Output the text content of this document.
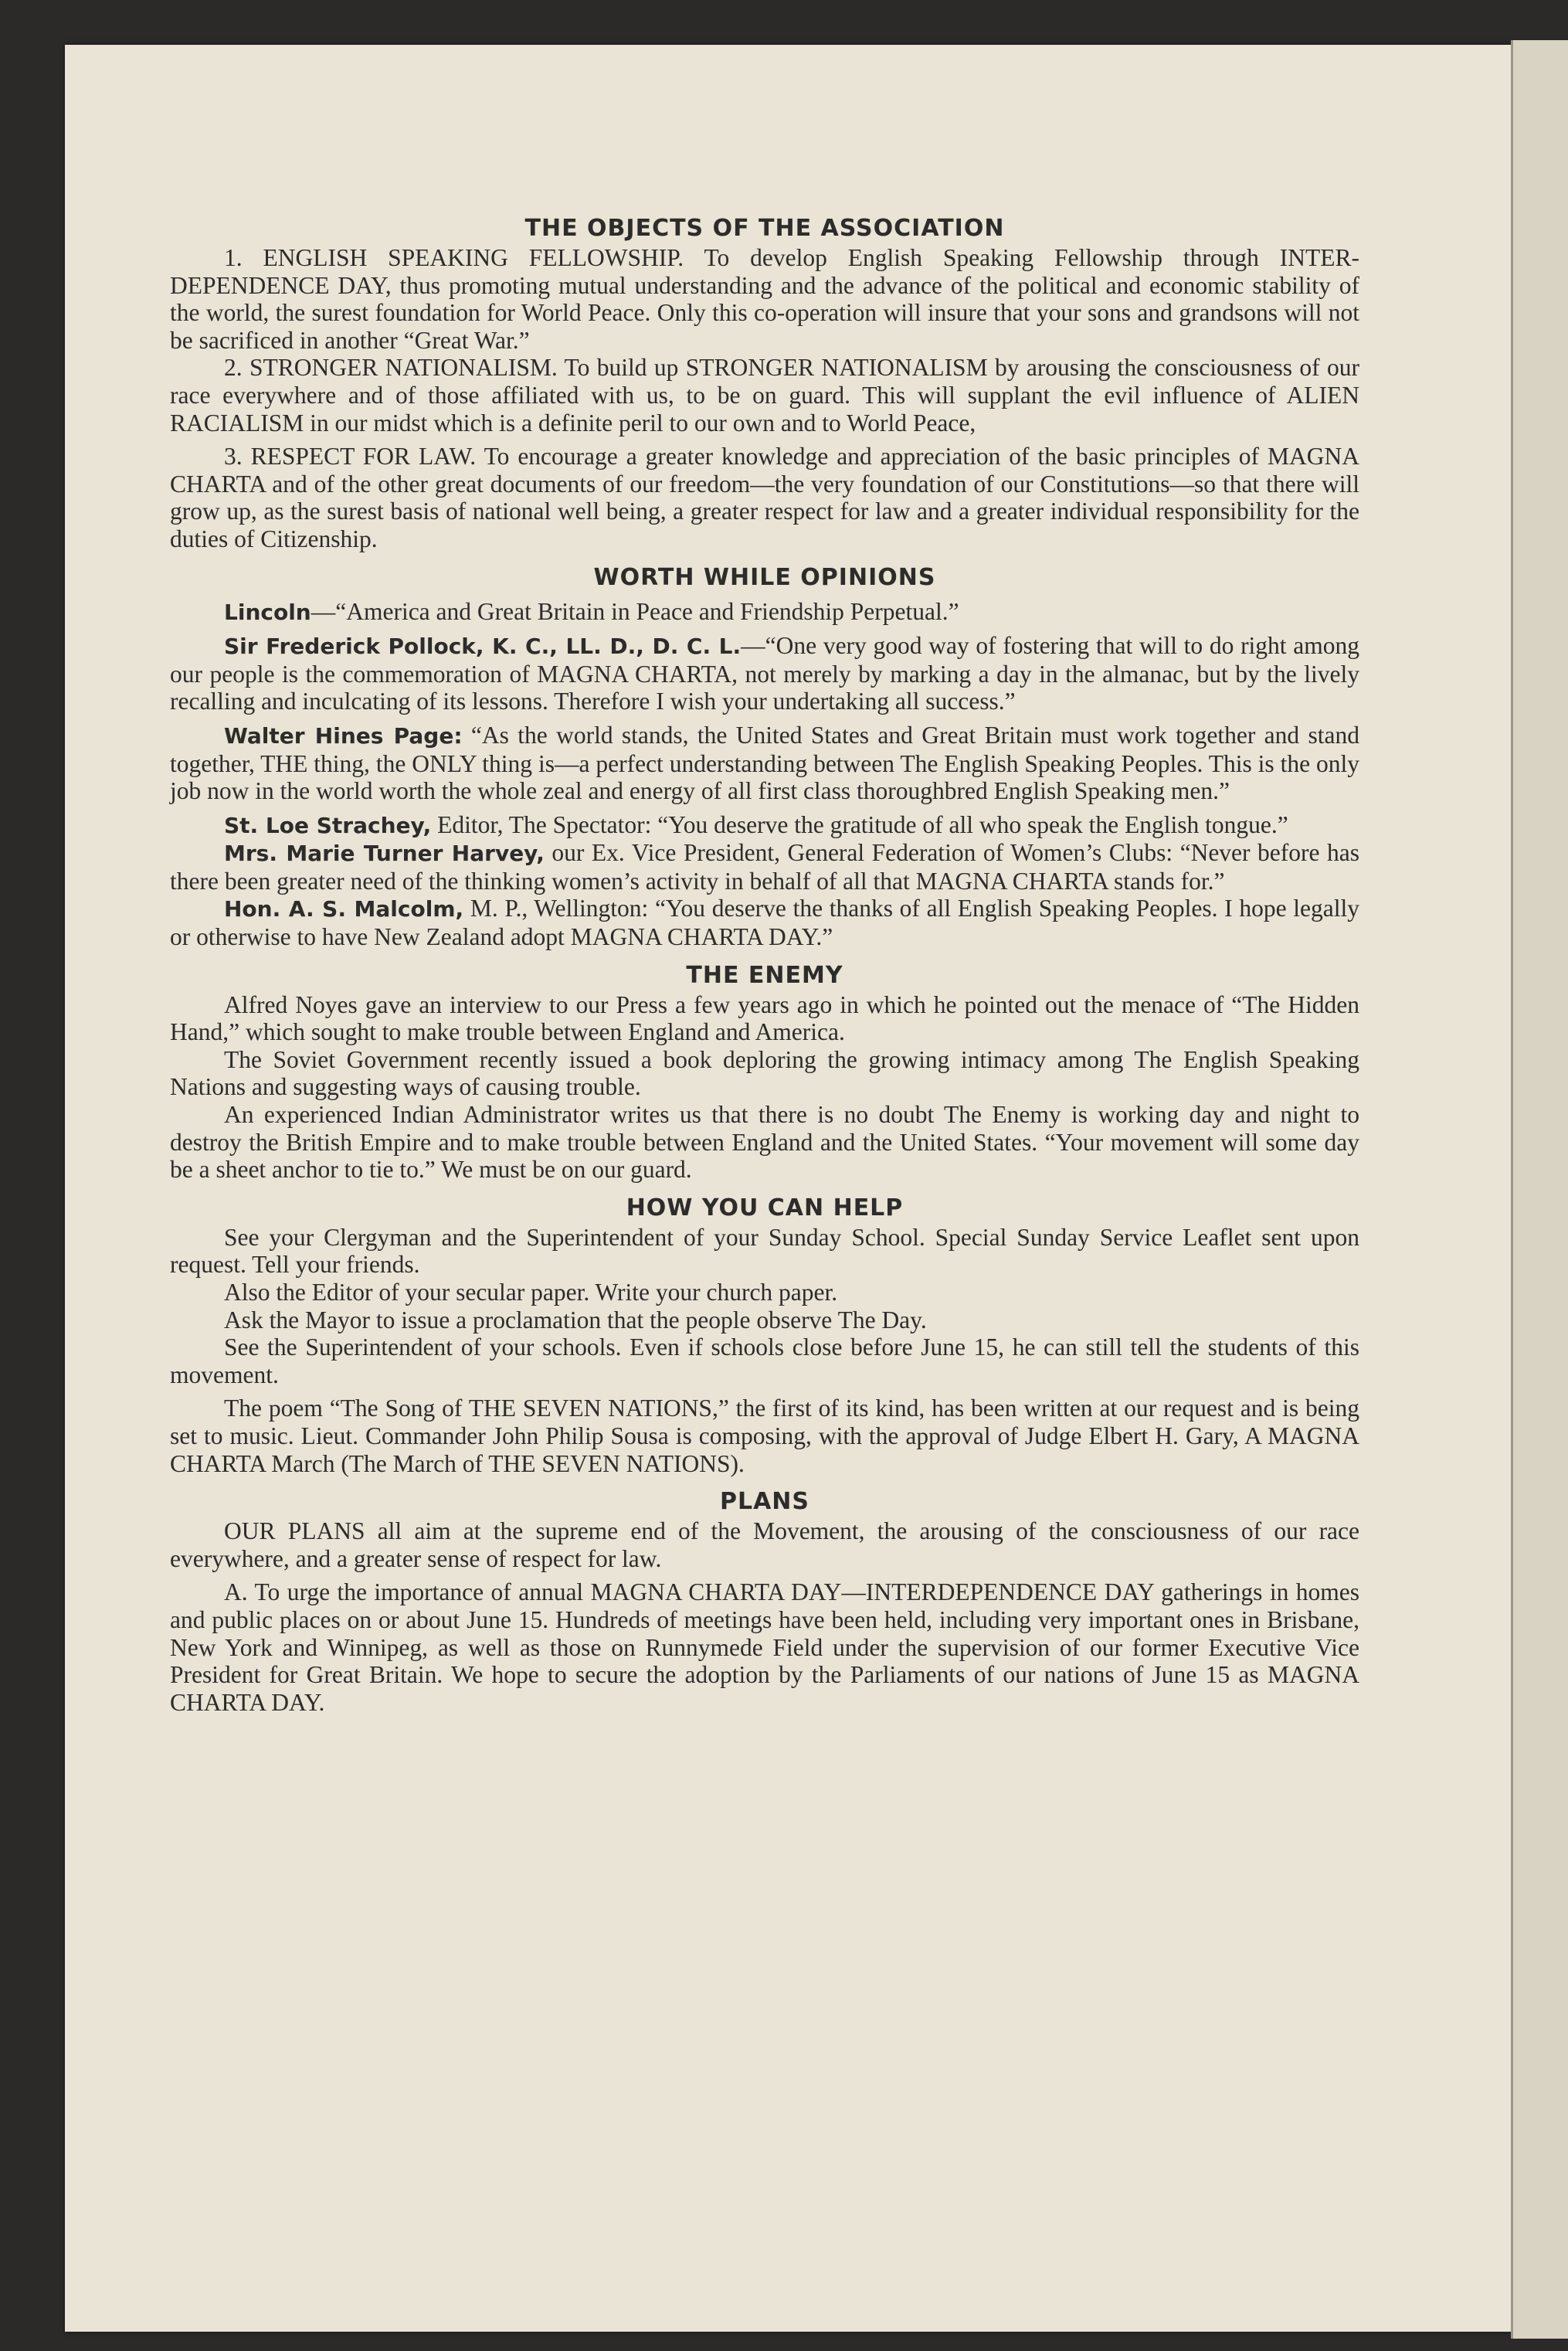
THE OBJECTS OF THE ASSOCIATION

1. ENGLISH SPEAKING FELLOWSHIP. To develop English Speaking Fellowship through INTER-DEPENDENCE DAY, thus promoting mutual understanding and the advance of the political and economic stability of the world, the surest foundation for World Peace. Only this co-operation will insure that your sons and grandsons will not be sacrificed in another “Great War.”

2. STRONGER NATIONALISM. To build up STRONGER NATIONALISM by arousing the consciousness of our race everywhere and of those affiliated with us, to be on guard. This will supplant the evil influence of ALIEN RACIALISM in our midst which is a definite peril to our own and to World Peace,

3. RESPECT FOR LAW. To encourage a greater knowledge and appreciation of the basic principles of MAGNA CHARTA and of the other great documents of our freedom—the very foundation of our Constitutions—so that there will grow up, as the surest basis of national well being, a greater respect for law and a greater individual responsibility for the duties of Citizenship.

WORTH WHILE OPINIONS

Lincoln—“America and Great Britain in Peace and Friendship Perpetual.”

Sir Frederick Pollock, K. C., LL. D., D. C. L.—“One very good way of fostering that will to do right among our people is the commemoration of MAGNA CHARTA, not merely by marking a day in the almanac, but by the lively recalling and inculcating of its lessons. Therefore I wish your undertaking all success.”

Walter Hines Page: “As the world stands, the United States and Great Britain must work together and stand together, THE thing, the ONLY thing is—a perfect understanding between The English Speaking Peoples. This is the only job now in the world worth the whole zeal and energy of all first class thoroughbred English Speaking men.”

St. Loe Strachey, Editor, The Spectator: “You deserve the gratitude of all who speak the English tongue.”

Mrs. Marie Turner Harvey, our Ex. Vice President, General Federation of Women’s Clubs: “Never before has there been greater need of the thinking women’s activity in behalf of all that MAGNA CHARTA stands for.”

Hon. A. S. Malcolm, M. P., Wellington: “You deserve the thanks of all English Speaking Peoples. I hope legally or otherwise to have New Zealand adopt MAGNA CHARTA DAY.”

THE ENEMY

Alfred Noyes gave an interview to our Press a few years ago in which he pointed out the menace of “The Hidden Hand,” which sought to make trouble between England and America.

The Soviet Government recently issued a book deploring the growing intimacy among The English Speaking Nations and suggesting ways of causing trouble.

An experienced Indian Administrator writes us that there is no doubt The Enemy is working day and night to destroy the British Empire and to make trouble between England and the United States. “Your movement will some day be a sheet anchor to tie to.” We must be on our guard.

HOW YOU CAN HELP

See your Clergyman and the Superintendent of your Sunday School. Special Sunday Service Leaflet sent upon request. Tell your friends.

Also the Editor of your secular paper. Write your church paper.

Ask the Mayor to issue a proclamation that the people observe The Day.

See the Superintendent of your schools. Even if schools close before June 15, he can still tell the students of this movement.

The poem “The Song of THE SEVEN NATIONS,” the first of its kind, has been written at our request and is being set to music. Lieut. Commander John Philip Sousa is composing, with the approval of Judge Elbert H. Gary, A MAGNA CHARTA March (The March of THE SEVEN NATIONS).

PLANS

OUR PLANS all aim at the supreme end of the Movement, the arousing of the consciousness of our race everywhere, and a greater sense of respect for law.

A. To urge the importance of annual MAGNA CHARTA DAY—INTERDEPENDENCE DAY gatherings in homes and public places on or about June 15. Hundreds of meetings have been held, including very important ones in Brisbane, New York and Winnipeg, as well as those on Runnymede Field under the supervision of our former Executive Vice President for Great Britain. We hope to secure the adoption by the Parliaments of our nations of June 15 as MAGNA CHARTA DAY.
